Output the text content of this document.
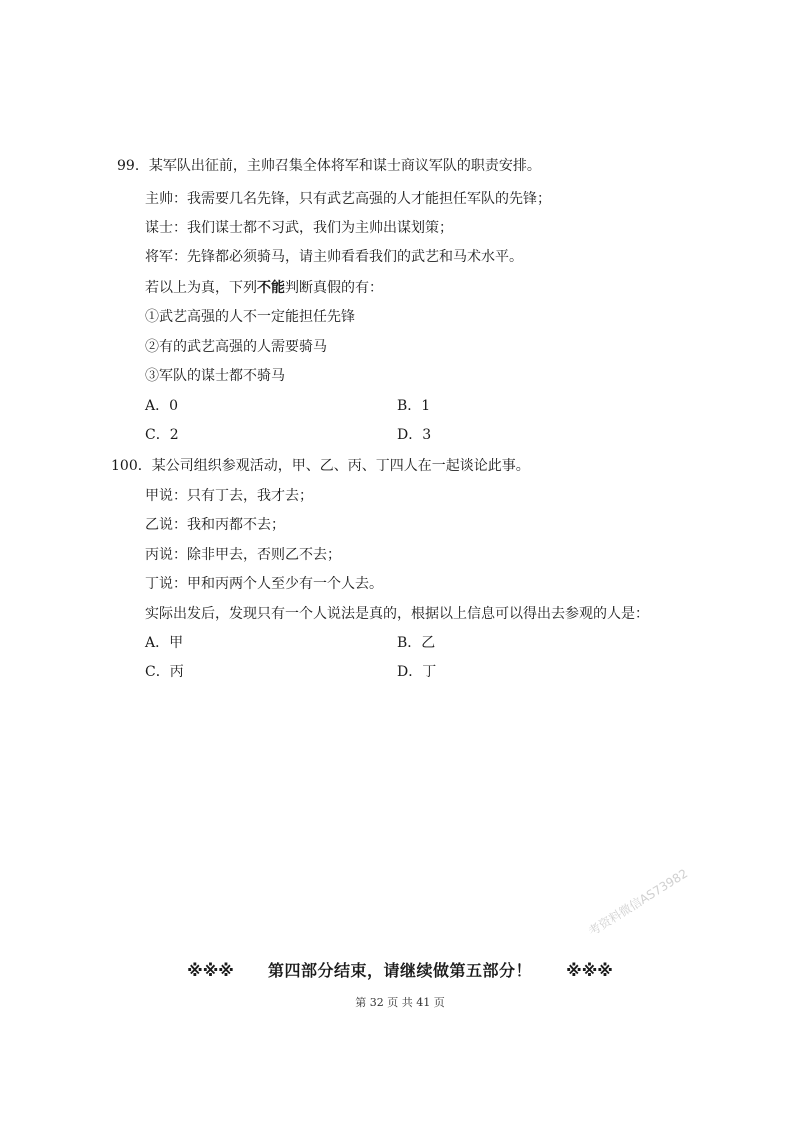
99．某军队出征前，主帅召集全体将军和谋士商议军队的职责安排。
主帅：我需要几名先锋，只有武艺高强的人才能担任军队的先锋；
谋士：我们谋士都不习武，我们为主帅出谋划策；
将军：先锋都必须骑马，请主帅看看我们的武艺和马术水平。
若以上为真，下列不能判断真假的有：
①武艺高强的人不一定能担任先锋
②有的武艺高强的人需要骑马
③军队的谋士都不骑马
A．0	B．1
C．2	D．3
100．某公司组织参观活动，甲、乙、丙、丁四人在一起谈论此事。
甲说：只有丁去，我才去；
乙说：我和丙都不去；
丙说：除非甲去，否则乙不去；
丁说：甲和丙两个人至少有一个人去。
实际出发后，发现只有一个人说法是真的，根据以上信息可以得出去参观的人是：
A．甲	B．乙
C．丙	D．丁
考资料微信AS73982
※※※ 第四部分结束，请继续做第五部分！ ※※※
第 32 页 共 41 页
